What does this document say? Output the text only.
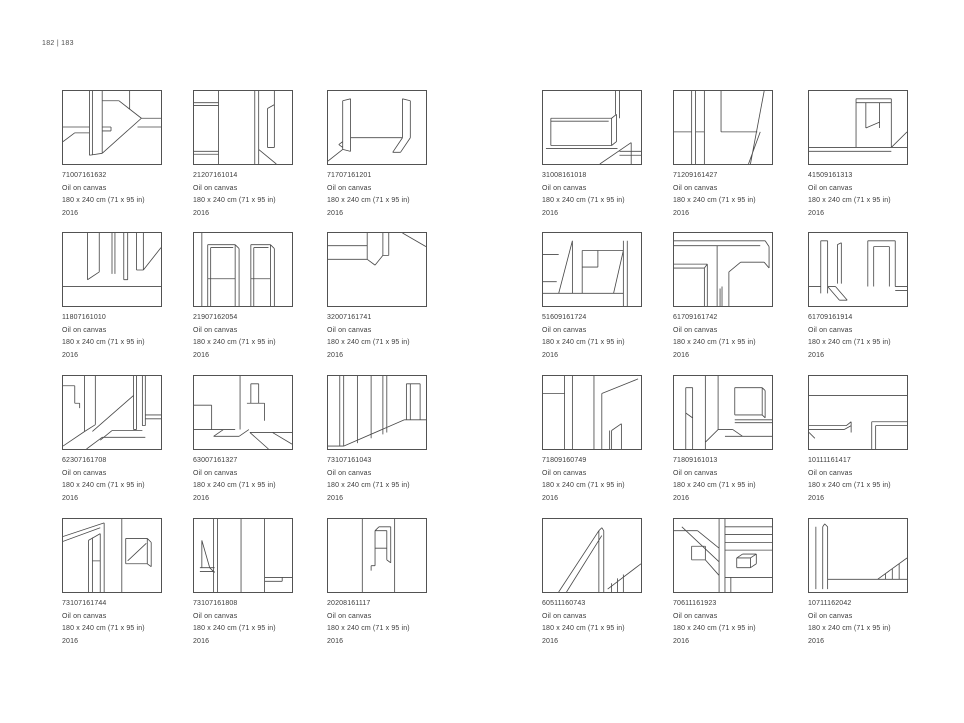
182 | 183
71007161632
Oil on canvas
180 x 240 cm (71 x 95 in)
2016
21207161014
Oil on canvas
180 x 240 cm (71 x 95 in)
2016
71707161201
Oil on canvas
180 x 240 cm (71 x 95 in)
2016
11807161010
Oil on canvas
180 x 240 cm (71 x 95 in)
2016
21907162054
Oil on canvas
180 x 240 cm (71 x 95 in)
2016
32007161741
Oil on canvas
180 x 240 cm (71 x 95 in)
2016
62307161708
Oil on canvas
180 x 240 cm (71 x 95 in)
2016
63007161327
Oil on canvas
180 x 240 cm (71 x 95 in)
2016
73107161043
Oil on canvas
180 x 240 cm (71 x 95 in)
2016
73107161744
Oil on canvas
180 x 240 cm (71 x 95 in)
2016
73107161808
Oil on canvas
180 x 240 cm (71 x 95 in)
2016
20208161117
Oil on canvas
180 x 240 cm (71 x 95 in)
2016
31008161018
Oil on canvas
180 x 240 cm (71 x 95 in)
2016
71209161427
Oil on canvas
180 x 240 cm (71 x 95 in)
2016
41509161313
Oil on canvas
180 x 240 cm (71 x 95 in)
2016
51609161724
Oil on canvas
180 x 240 cm (71 x 95 in)
2016
61709161742
Oil on canvas
180 x 240 cm (71 x 95 in)
2016
61709161914
Oil on canvas
180 x 240 cm (71 x 95 in)
2016
71809160749
Oil on canvas
180 x 240 cm (71 x 95 in)
2016
71809161013
Oil on canvas
180 x 240 cm (71 x 95 in)
2016
10111161417
Oil on canvas
180 x 240 cm (71 x 95 in)
2016
60511160743
Oil on canvas
180 x 240 cm (71 x 95 in)
2016
70611161923
Oil on canvas
180 x 240 cm (71 x 95 in)
2016
10711162042
Oil on canvas
180 x 240 cm (71 x 95 in)
2016
